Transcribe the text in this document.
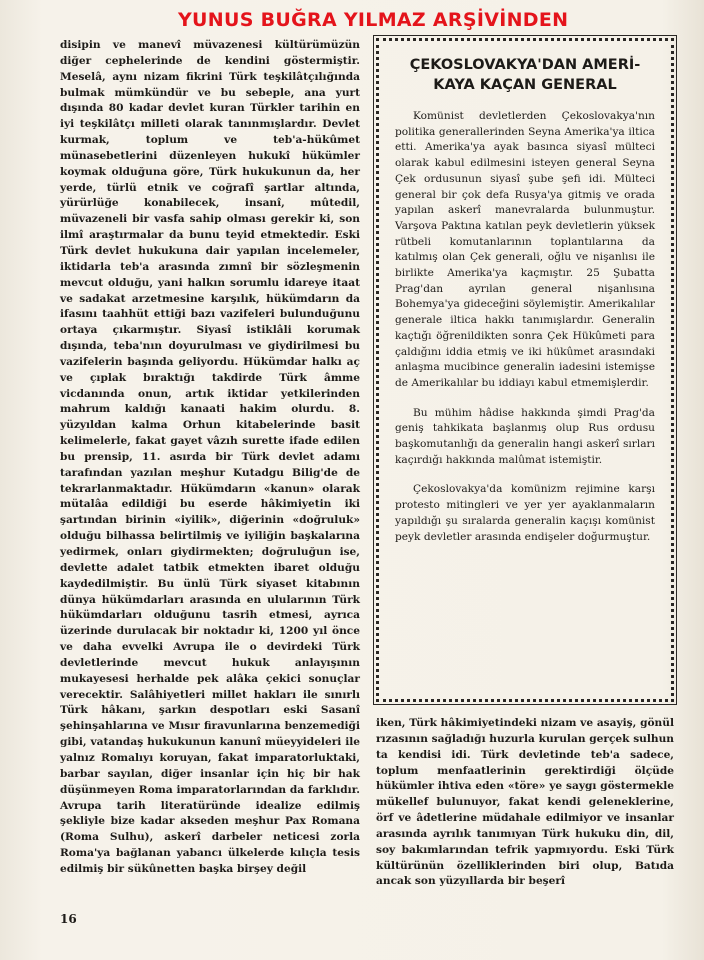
YUNUS BUĞRA YILMAZ ARŞİVİNDEN

disipin ve manevî müvazenesi kültürümüzün diğer cephelerinde de kendini göstermiştir. Meselâ, aynı nizam fikrini Türk teşkilâtçılığında bulmak mümkündür ve bu sebeple, ana yurt dışında 80 kadar devlet kuran Türkler tarihin en iyi teşkilâtçı milleti olarak tanınmışlardır. Devlet kurmak, toplum ve teb'a-hükûmet münasebetlerini düzenleyen hukukî hükümler koymak olduğuna göre, Türk hukukunun da, her yerde, türlü etnik ve coğrafî şartlar altında, yürürlüğe konabilecek, insanî, mûtedil, müvazeneli bir vasfa sahip olması gerekir ki, son ilmî araştırmalar da bunu teyid etmektedir. Eski Türk devlet hukukuna dair yapılan incelemeler, iktidarla teb'a arasında zımnî bir sözleşmenin mevcut olduğu, yani halkın sorumlu idareye itaat ve sadakat arzetmesine karşılık, hükümdarın da ifasını taahhüt ettiği bazı vazifeleri bulunduğunu ortaya çıkarmıştır. Siyasî istiklâli korumak dışında, teba'nın doyurulması ve giydirilmesi bu vazifelerin başında geliyordu. Hükümdar halkı aç ve çıplak bıraktığı takdirde Türk âmme vicdanında onun, artık iktidar yetkilerinden mahrum kaldığı kanaati hakim olurdu. 8. yüzyıldan kalma Orhun kitabelerinde basit kelimelerle, fakat gayet vâzıh surette ifade edilen bu prensip, 11. asırda bir Türk devlet adamı tarafından yazılan meşhur Kutadgu Bilig'de de tekrarlanmaktadır. Hükümdarın «kanun» olarak mütalâa edildiği bu eserde hâkimiyetin iki şartından birinin «iyilik», diğerinin «doğruluk» olduğu bilhassa belirtilmiş ve iyiliğin başkalarına yedirmek, onları giydirmekten; doğruluğun ise, devlette adalet tatbik etmekten ibaret olduğu kaydedilmiştir. Bu ünlü Türk siyaset kitabının dünya hükümdarları arasında en ulularının Türk hükümdarları olduğunu tasrih etmesi, ayrıca üzerinde durulacak bir noktadır ki, 1200 yıl önce ve daha evvelki Avrupa ile o devirdeki Türk devletlerinde mevcut hukuk anlayışının mukayesesi herhalde pek alâka çekici sonuçlar verecektir. Salâhiyetleri millet hakları ile sınırlı Türk hâkanı, şarkın despotları eski Sasanî şehinşahlarına ve Mısır firavunlarına benzemediği gibi, vatandaş hukukunun kanunî müeyyideleri ile yalnız Romalıyı koruyan, fakat imparatorluktaki, barbar sayılan, diğer insanlar için hiç bir hak düşünmeyen Roma imparatorlarından da farklıdır. Avrupa tarih literatüründe idealize edilmiş şekliyle bize kadar akseden meşhur Pax Romana (Roma Sulhu), askerî darbeler neticesi zorla Roma'ya bağlanan yabancı ülkelerde kılıçla tesis edilmiş bir sükûnetten başka birşey değil

ÇEKOSLOVAKYA'DAN AMERİ-
KAYA KAÇAN GENERAL

Komünist devletlerden Çekoslovakya'nın politika generallerinden Seyna Amerika'ya iltica etti. Amerika'ya ayak basınca siyasî mülteci olarak kabul edilmesini isteyen general Seyna Çek ordusunun siyasî şube şefi idi. Mülteci general bir çok defa Rusya'ya gitmiş ve orada yapılan askerî manevralarda bulunmuştur. Varşova Paktına katılan peyk devletlerin yüksek rütbeli komutanlarının toplantılarına da katılmış olan Çek generali, oğlu ve nişanlısı ile birlikte Amerika'ya kaçmıştır. 25 Şubatta Prag'dan ayrılan general nişanlısına Bohemya'ya gideceğini söylemiştir. Amerikalılar generale iltica hakkı tanımışlardır. Generalin kaçtığı öğrenildikten sonra Çek Hükûmeti para çaldığını iddia etmiş ve iki hükûmet arasındaki anlaşma mucibince generalin iadesini istemişse de Amerikalılar bu iddiayı kabul etmemişlerdir.

Bu mühim hâdise hakkında şimdi Prag'da geniş tahkikata başlanmış olup Rus ordusu başkomutanlığı da generalin hangi askerî sırları kaçırdığı hakkında malûmat istemiştir.

Çekoslovakya'da komünizm rejimine karşı protesto mitingleri ve yer yer ayaklanmaların yapıldığı şu sıralarda generalin kaçışı komünist peyk devletler arasında endişeler doğurmuştur.

iken, Türk hâkimiyetindeki nizam ve asayiş, gönül rızasının sağladığı huzurla kurulan gerçek sulhun ta kendisi idi. Türk devletinde teb'a sadece, toplum menfaatlerinin gerektirdiği ölçüde hükümler ihtiva eden «töre» ye saygı göstermekle mükellef bulunuyor, fakat kendi geleneklerine, örf ve âdetlerine müdahale edilmiyor ve insanlar arasında ayrılık tanımıyan Türk hukuku din, dil, soy bakımlarından tefrik yapmıyordu. Eski Türk kültürünün özelliklerinden biri olup, Batıda ancak son yüzyıllarda bir beşerî

16
